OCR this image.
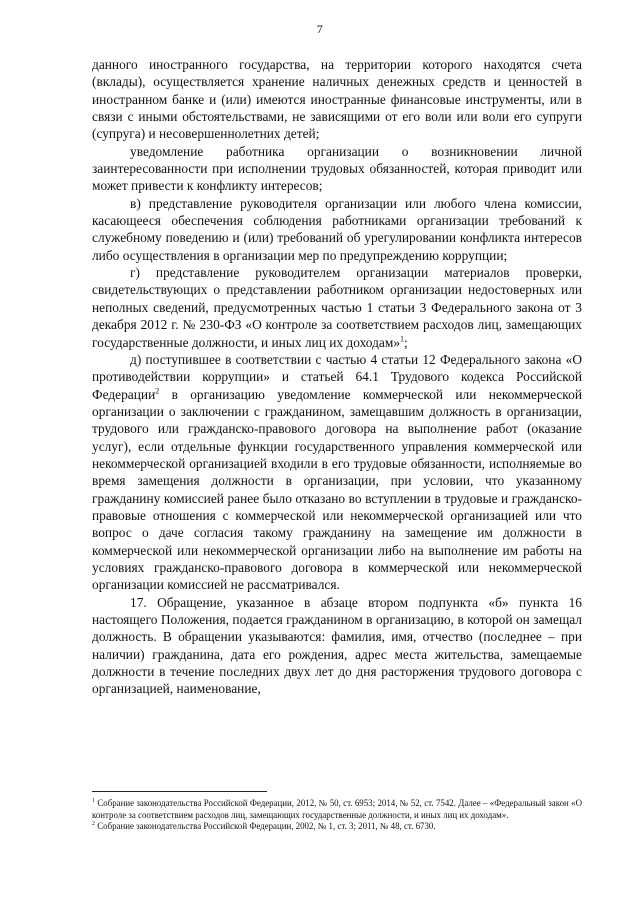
7

данного иностранного государства, на территории которого находятся счета (вклады), осуществляется хранение наличных денежных средств и ценностей в иностранном банке и (или) имеются иностранные финансовые инструменты, или в связи с иными обстоятельствами, не зависящими от его воли или воли его супруги (супруга) и несовершеннолетних детей;

уведомление работника организации о возникновении личной заинтересованности при исполнении трудовых обязанностей, которая приводит или может привести к конфликту интересов;

в) представление руководителя организации или любого члена комиссии, касающееся обеспечения соблюдения работниками организации требований к служебному поведению и (или) требований об урегулировании конфликта интересов либо осуществления в организации мер по предупреждению коррупции;

г) представление руководителем организации материалов проверки, свидетельствующих о представлении работником организации недостоверных или неполных сведений, предусмотренных частью 1 статьи 3 Федерального закона от 3 декабря 2012 г. № 230-ФЗ «О контроле за соответствием расходов лиц, замещающих государственные должности, и иных лиц их доходам»$^1$;

д) поступившее в соответствии с частью 4 статьи 12 Федерального закона «О противодействии коррупции» и статьей 64.1 Трудового кодекса Российской Федерации$^2$ в организацию уведомление коммерческой или некоммерческой организации о заключении с гражданином, замещавшим должность в организации, трудового или гражданско-правового договора на выполнение работ (оказание услуг), если отдельные функции государственного управления коммерческой или некоммерческой организацией входили в его трудовые обязанности, исполняемые во время замещения должности в организации, при условии, что указанному гражданину комиссией ранее было отказано во вступлении в трудовые и гражданско-правовые отношения с коммерческой или некоммерческой организацией или что вопрос о даче согласия такому гражданину на замещение им должности в коммерческой или некоммерческой организации либо на выполнение им работы на условиях гражданско-правового договора в коммерческой или некоммерческой организации комиссией не рассматривался.

17. Обращение, указанное в абзаце втором подпункта «б» пункта 16 настоящего Положения, подается гражданином в организацию, в которой он замещал должность. В обращении указываются: фамилия, имя, отчество (последнее – при наличии) гражданина, дата его рождения, адрес места жительства, замещаемые должности в течение последних двух лет до дня расторжения трудового договора с организацией, наименование,

$^1$ Собрание законодательства Российской Федерации, 2012, № 50, ст. 6953; 2014, № 52, ст. 7542. Далее – «Федеральный закон «О контроле за соответствием расходов лиц, замещающих государственные должности, и иных лиц их доходам».

$^2$ Собрание законодательства Российской Федерации, 2002, № 1, ст. 3; 2011, № 48, ст. 6730.
